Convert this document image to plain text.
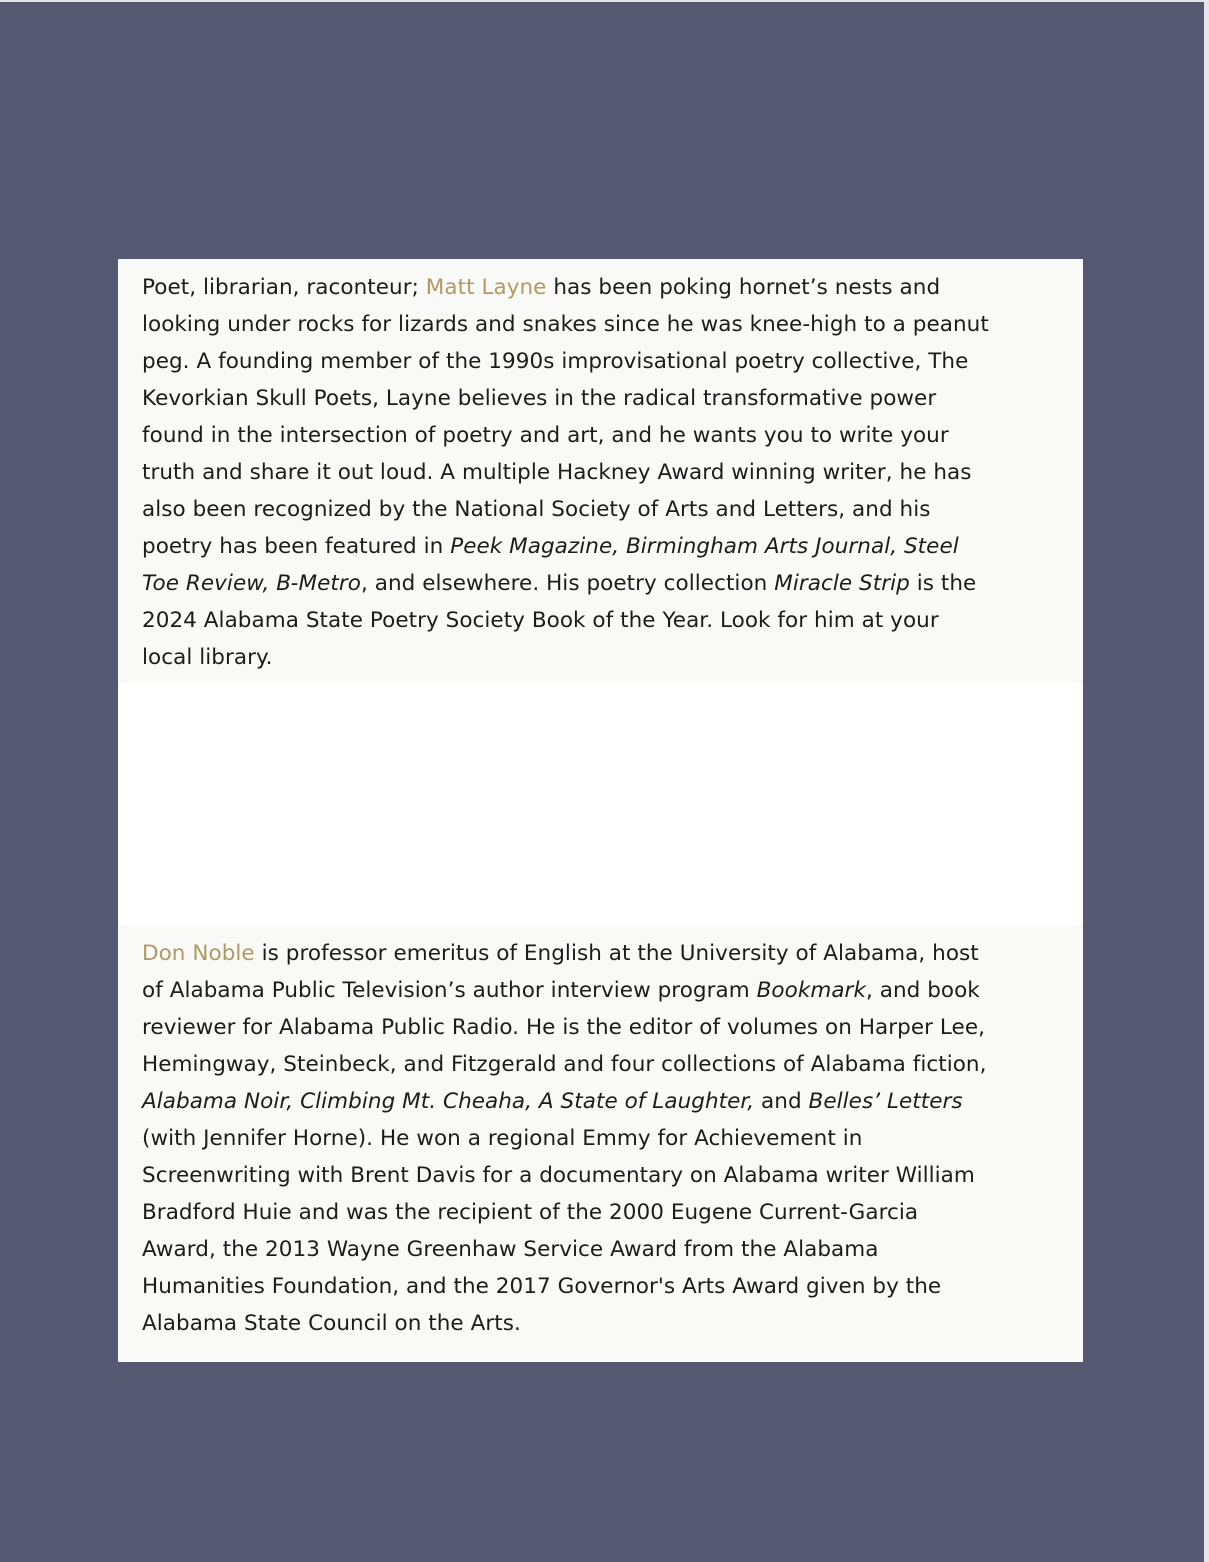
Poet, librarian, raconteur; Matt Layne has been poking hornet’s nests and
looking under rocks for lizards and snakes since he was knee-high to a peanut
peg. A founding member of the 1990s improvisational poetry collective, The
Kevorkian Skull Poets, Layne believes in the radical transformative power
found in the intersection of poetry and art, and he wants you to write your
truth and share it out loud. A multiple Hackney Award winning writer, he has
also been recognized by the National Society of Arts and Letters, and his
poetry has been featured in Peek Magazine, Birmingham Arts Journal, Steel
Toe Review, B-Metro, and elsewhere. His poetry collection Miracle Strip is the
2024 Alabama State Poetry Society Book of the Year. Look for him at your
local library.
Don Noble is professor emeritus of English at the University of Alabama, host
of Alabama Public Television’s author interview program Bookmark, and book
reviewer for Alabama Public Radio. He is the editor of volumes on Harper Lee,
Hemingway, Steinbeck, and Fitzgerald and four collections of Alabama fiction,
Alabama Noir, Climbing Mt. Cheaha, A State of Laughter, and Belles’ Letters
(with Jennifer Horne). He won a regional Emmy for Achievement in
Screenwriting with Brent Davis for a documentary on Alabama writer William
Bradford Huie and was the recipient of the 2000 Eugene Current-Garcia
Award, the 2013 Wayne Greenhaw Service Award from the Alabama
Humanities Foundation, and the 2017 Governor's Arts Award given by the
Alabama State Council on the Arts.
